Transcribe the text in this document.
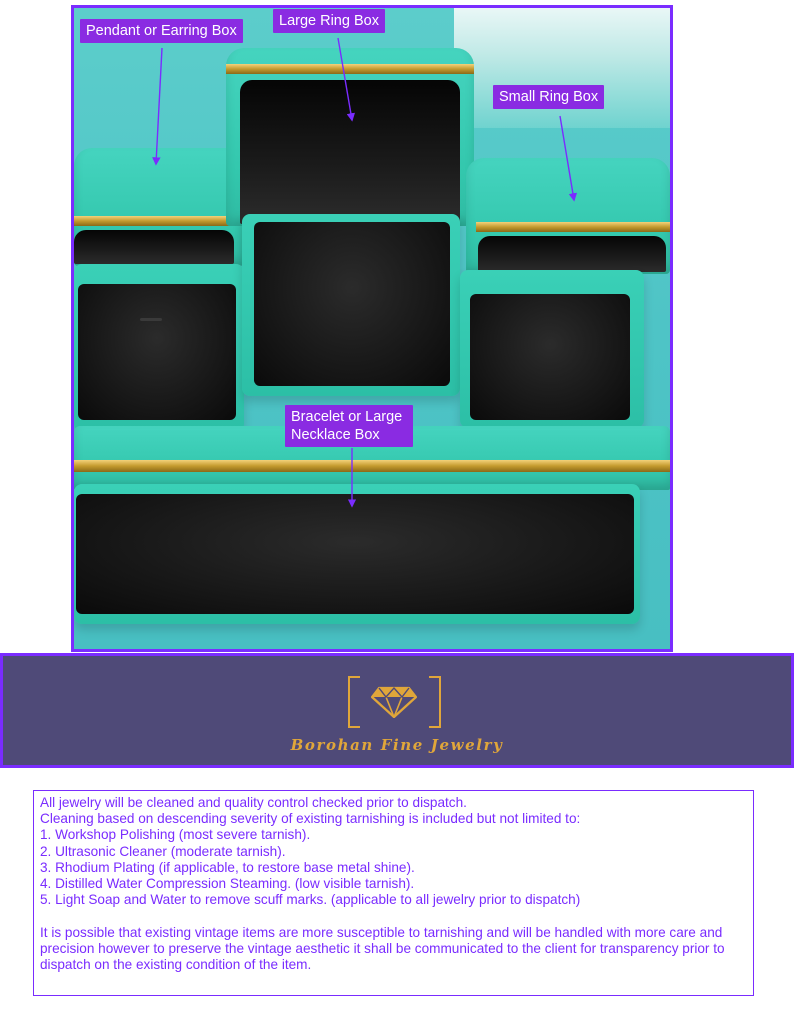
Pendant or Earring Box
Large Ring Box
Small Ring Box
Bracelet or Large
Necklace Box
Borohan Fine Jewelry

All jewelry will be cleaned and quality control checked prior to dispatch.

Cleaning based on descending severity of existing tarnishing is included but not limited to:

1. Workshop Polishing (most severe tarnish).

2. Ultrasonic Cleaner (moderate tarnish).

3. Rhodium Plating (if applicable, to restore base metal shine).

4. Distilled Water Compression Steaming. (low visible tarnish).

5. Light Soap and Water to remove scuff marks. (applicable to all jewelry prior to dispatch)

It is possible that existing vintage items are more susceptible to tarnishing and will be handled with more care and precision however to preserve the vintage aesthetic it shall be communicated to the client for transparency prior to dispatch on the existing condition of the item.
